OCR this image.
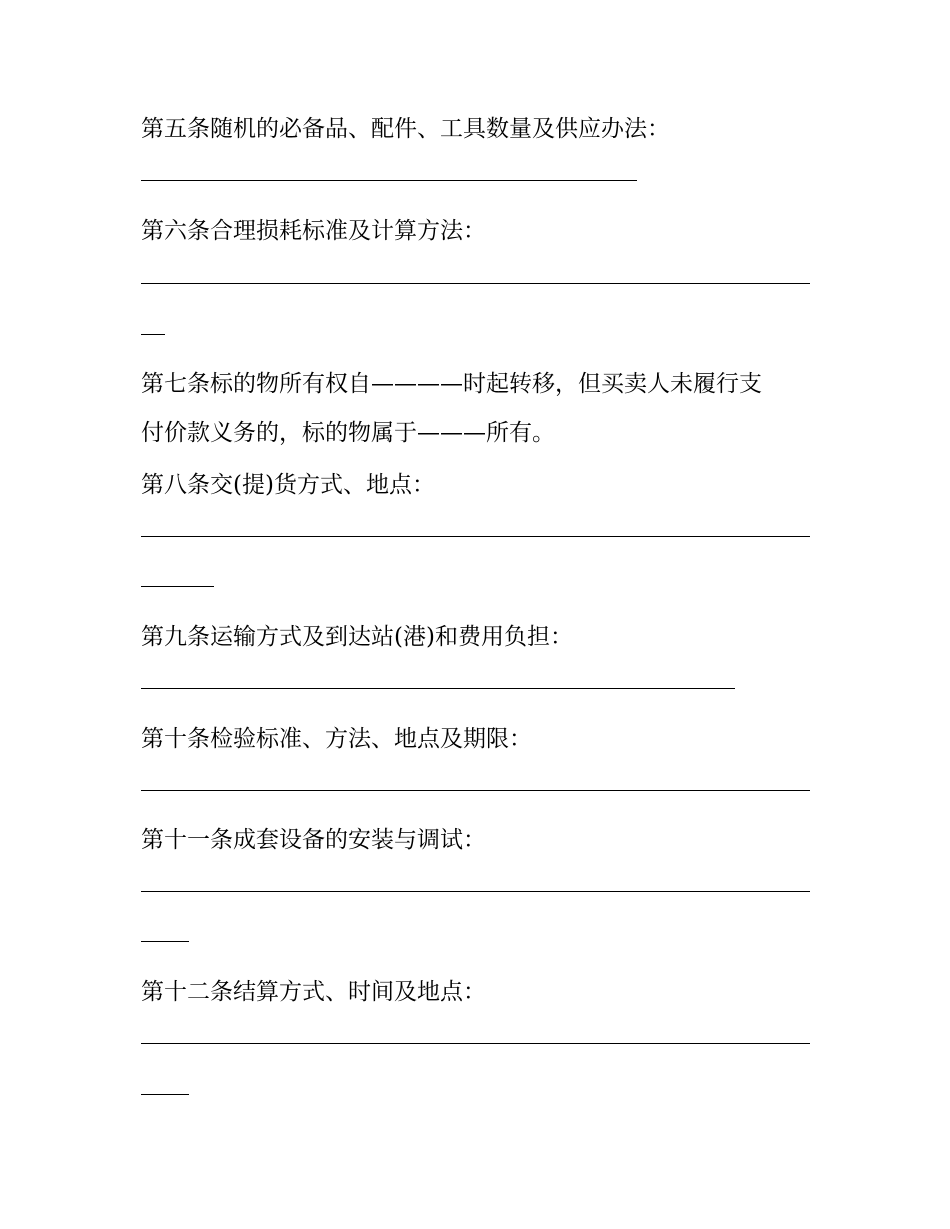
第五条随机的必备品、配件、工具数量及供应办法：
第六条合理损耗标准及计算方法：
第七条标的物所有权自————时起转移，但买卖人未履行支
付价款义务的，标的物属于———所有。
第八条交(提)货方式、地点：
第九条运输方式及到达站(港)和费用负担：
第十条检验标准、方法、地点及期限：
第十一条成套设备的安装与调试：
第十二条结算方式、时间及地点：
